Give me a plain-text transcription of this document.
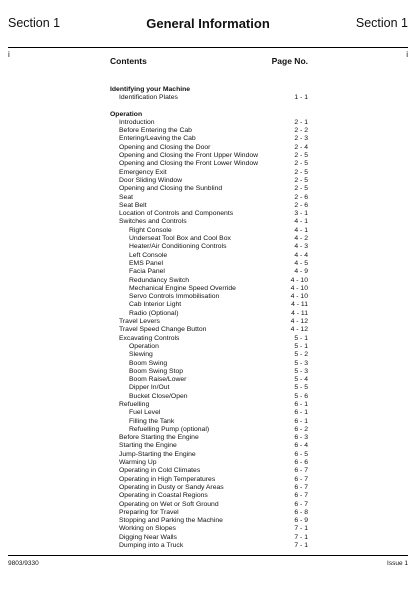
Section 1	General Information	Section 1
i	i
Contents	Page No.
Identifying your Machine
Identification Plates	1 - 1
Operation
Introduction	2 - 1
Before Entering the Cab	2 - 2
Entering/Leaving the Cab	2 - 3
Opening and Closing the Door	2 - 4
Opening and Closing the Front Upper Window	2 - 5
Opening and Closing the Front Lower Window	2 - 5
Emergency Exit	2 - 5
Door Sliding Window	2 - 5
Opening and Closing the Sunblind	2 - 5
Seat	2 - 6
Seat Belt	2 - 6
Location of Controls and Components	3 - 1
Switches and Controls	4 - 1
Right Console	4 - 1
Underseat Tool Box and Cool Box	4 - 2
Heater/Air Conditioning Controls	4 - 3
Left Console	4 - 4
EMS Panel	4 - 5
Facia Panel	4 - 9
Redundancy Switch	4 - 10
Mechanical Engine Speed Override	4 - 10
Servo Controls Immobilisation	4 - 10
Cab Interior Light	4 - 11
Radio (Optional)	4 - 11
Travel Levers	4 - 12
Travel Speed Change Button	4 - 12
Excavating Controls	5 - 1
Operation	5 - 1
Slewing	5 - 2
Boom Swing	5 - 3
Boom Swing Stop	5 - 3
Boom Raise/Lower	5 - 4
Dipper In/Out	5 - 5
Bucket Close/Open	5 - 6
Refuelling	6 - 1
Fuel Level	6 - 1
Filling the Tank	6 - 1
Refuelling Pump (optional)	6 - 2
Before Starting the Engine	6 - 3
Starting the Engine	6 - 4
Jump-Starting the Engine	6 - 5
Warming Up	6 - 6
Operating in Cold Climates	6 - 7
Operating in High Temperatures	6 - 7
Operating in Dusty or Sandy Areas	6 - 7
Operating in Coastal Regions	6 - 7
Operating on Wet or Soft Ground	6 - 7
Preparing for Travel	6 - 8
Stopping and Parking the Machine	6 - 9
Working on Slopes	7 - 1
Digging Near Walls	7 - 1
Dumping into a Truck	7 - 1
9803/9330	Issue 1
